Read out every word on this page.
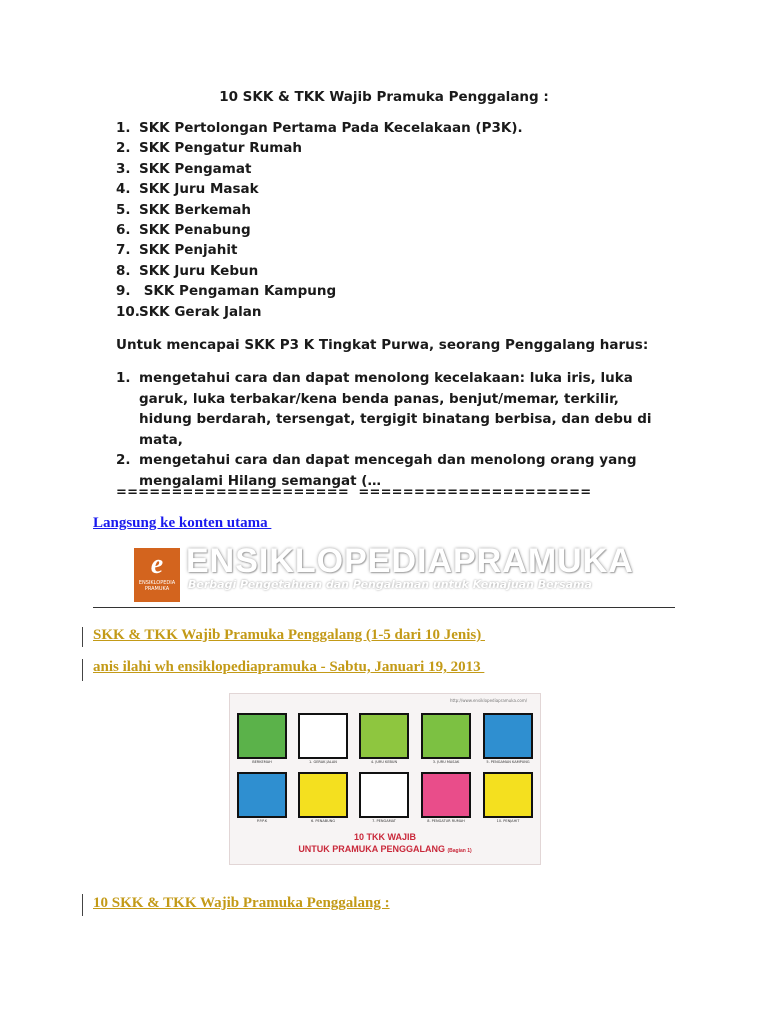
10 SKK & TKK Wajib Pramuka Penggalang :
1. SKK Pertolongan Pertama Pada Kecelakaan (P3K).
2. SKK Pengatur Rumah
3. SKK Pengamat
4. SKK Juru Masak
5. SKK Berkemah
6. SKK Penabung
7. SKK Penjahit
8. SKK Juru Kebun
9. SKK Pengaman Kampung
10.SKK Gerak Jalan
Untuk mencapai SKK P3 K Tingkat Purwa, seorang Penggalang harus:
1. mengetahui cara dan dapat menolong kecelakaan: luka iris, luka garuk, luka terbakar/kena benda panas, benjut/memar, terkilir, hidung berdarah, tersengat, tergigit binatang berbisa, dan debu di mata,
2. mengetahui cara dan dapat mencegah dan menolong orang yang mengalami Hilang semangat (…
=====================  =====================
Langsung ke konten utama
e
ENSIKLOPEDIA PRAMUKA
ENSIKLOPEDIAPRAMUKA
Berbagi Pengetahuan dan Pengalaman untuk Kemajuan Bersama
SKK & TKK Wajib Pramuka Penggalang (1-5 dari 10 Jenis)
anis ilahi wh ensiklopediapramuka - Sabtu, Januari 19, 2013
http://www.ensiklopediapramuka.com/
BERKEMAH	1. GERAK JALAN	4. JURU KEBUN	3. JURU MASAK	5. PENGAMAN KAMPUNG
P.P.P.K	6. PENABUNG	7. PENGAMAT	8. PENGATUR RUMAH	10. PENJAHIT
10 TKK WAJIB
UNTUK PRAMUKA PENGGALANG (Bagian 1)
10 SKK & TKK Wajib Pramuka Penggalang :
